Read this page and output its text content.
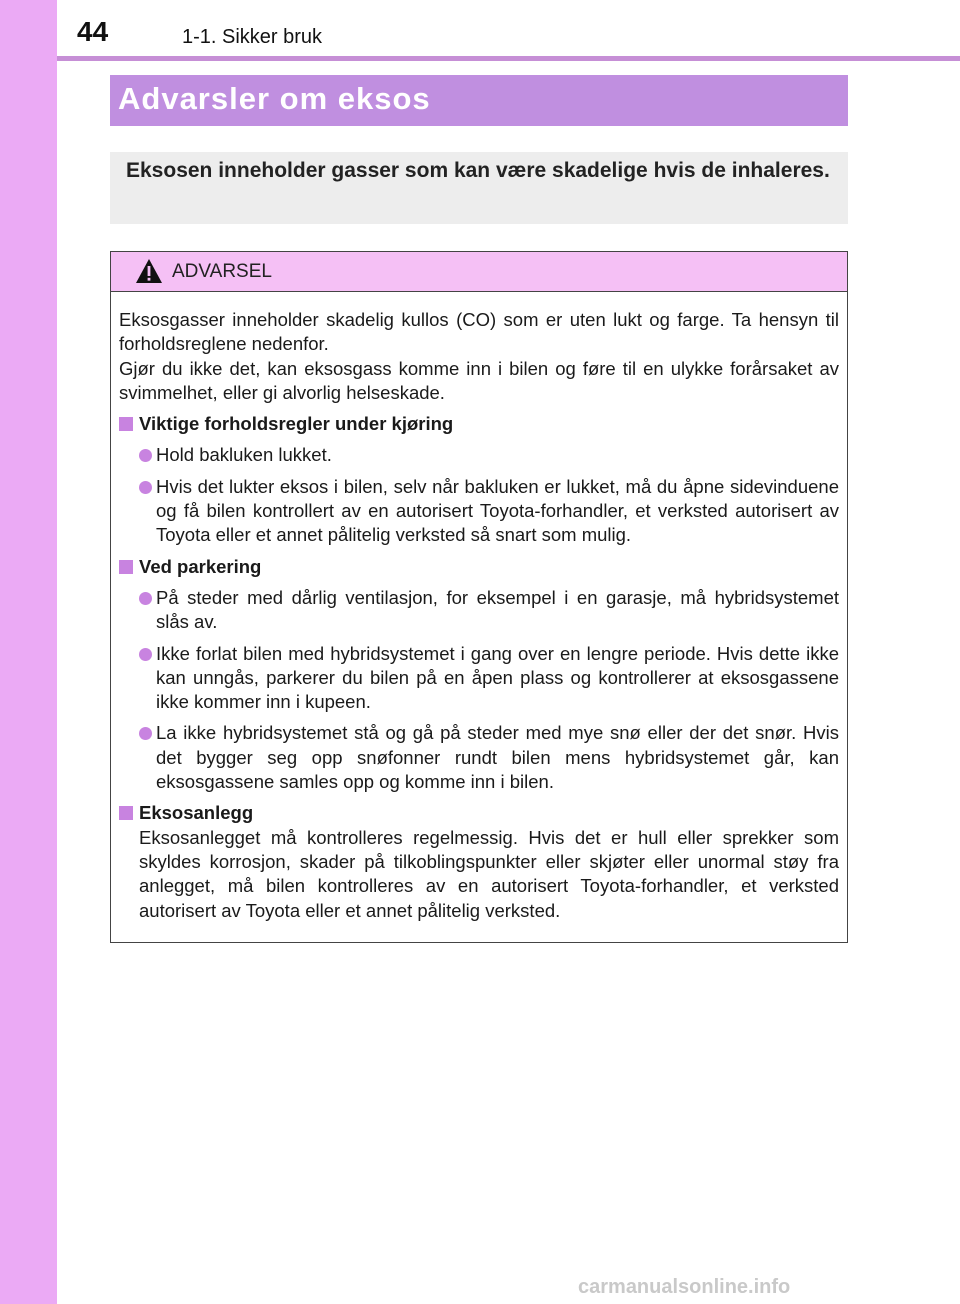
44	1-1. Sikker bruk
Advarsler om eksos

Eksosen inneholder gasser som kan være skadelige hvis de inhaleres.

ADVARSEL

Eksosgasser inneholder skadelig kullos (CO) som er uten lukt og farge. Ta hensyn til forholdsreglene nedenfor.

Gjør du ikke det, kan eksosgass komme inn i bilen og føre til en ulykke forårsaket av svimmelhet, eller gi alvorlig helseskade.

Viktige forholdsregler under kjøring
Hold bakluken lukket.
Hvis det lukter eksos i bilen, selv når bakluken er lukket, må du åpne sidevinduene og få bilen kontrollert av en autorisert Toyota-forhandler, et verksted autorisert av Toyota eller et annet pålitelig verksted så snart som mulig.
Ved parkering
På steder med dårlig ventilasjon, for eksempel i en garasje, må hybridsystemet slås av.
Ikke forlat bilen med hybridsystemet i gang over en lengre periode. Hvis dette ikke kan unngås, parkerer du bilen på en åpen plass og kontrollerer at eksosgassene ikke kommer inn i kupeen.
La ikke hybridsystemet stå og gå på steder med mye snø eller der det snør. Hvis det bygger seg opp snøfonner rundt bilen mens hybridsystemet går, kan eksosgassene samles opp og komme inn i bilen.
Eksosanlegg

Eksosanlegget må kontrolleres regelmessig. Hvis det er hull eller sprekker som skyldes korrosjon, skader på tilkoblingspunkter eller skjøter eller unormal støy fra anlegget, må bilen kontrolleres av en autorisert Toyota-forhandler, et verksted autorisert av Toyota eller et annet pålitelig verksted.

carmanualsonline.info
